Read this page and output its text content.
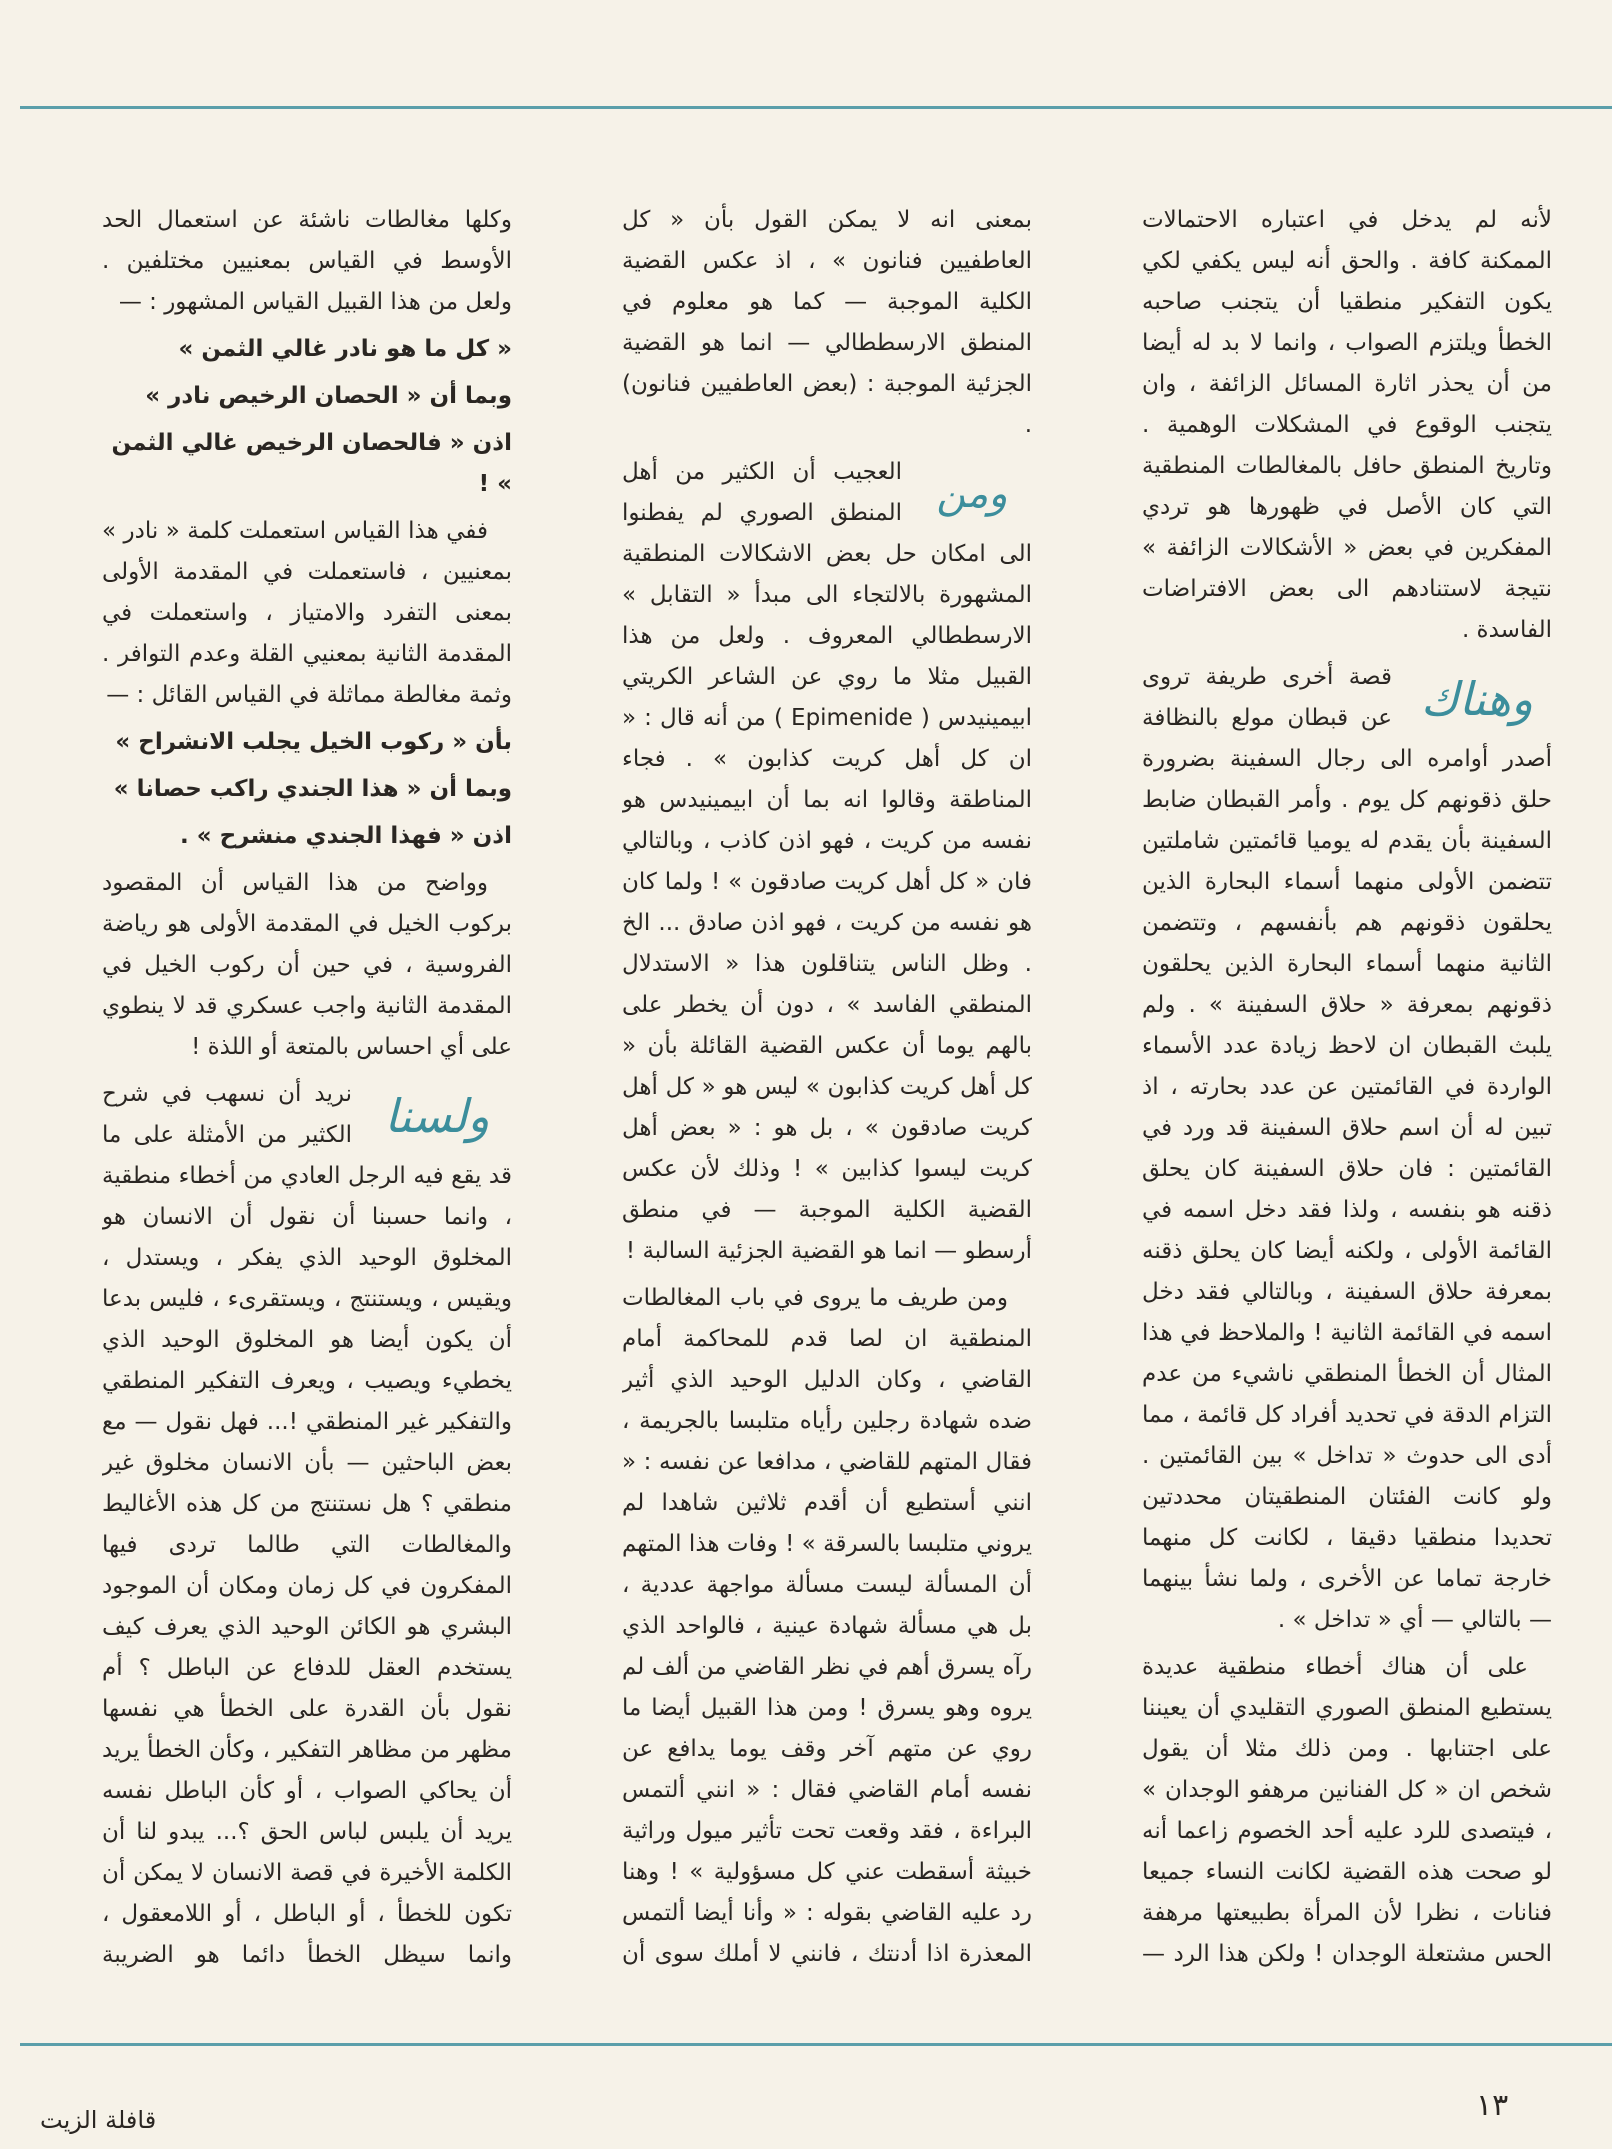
لأنه لم يدخل في اعتباره الاحتمالات الممكنة كافة . والحق أنه ليس يكفي لكي يكون التفكير منطقيا أن يتجنب صاحبه الخطأ ويلتزم الصواب ، وانما لا بد له أيضا من أن يحذر اثارة المسائل الزائفة ، وان يتجنب الوقوع في المشكلات الوهمية . وتاريخ المنطق حافل بالمغالطات المنطقية التي كان الأصل في ظهورها هو تردي المفكرين في بعض « الأشكالات الزائفة » نتيجة لاستنادهم الى بعض الافتراضات الفاسدة .

وهناك

قصة أخرى طريفة تروى عن قبطان مولع بالنظافة أصدر أوامره الى رجال السفينة بضرورة حلق ذقونهم كل يوم . وأمر القبطان ضابط السفينة بأن يقدم له يوميا قائمتين شاملتين تتضمن الأولى منهما أسماء البحارة الذين يحلقون ذقونهم هم بأنفسهم ، وتتضمن الثانية منهما أسماء البحارة الذين يحلقون ذقونهم بمعرفة « حلاق السفينة » . ولم يلبث القبطان ان لاحظ زيادة عدد الأسماء الواردة في القائمتين عن عدد بحارته ، اذ تبين له أن اسم حلاق السفينة قد ورد في القائمتين : فان حلاق السفينة كان يحلق ذقنه هو بنفسه ، ولذا فقد دخل اسمه في القائمة الأولى ، ولكنه أيضا كان يحلق ذقنه بمعرفة حلاق السفينة ، وبالتالي فقد دخل اسمه في القائمة الثانية ! والملاحظ في هذا المثال أن الخطأ المنطقي ناشيء من عدم التزام الدقة في تحديد أفراد كل قائمة ، مما أدى الى حدوث « تداخل » بين القائمتين . ولو كانت الفئتان المنطقيتان محددتين تحديدا منطقيا دقيقا ، لكانت كل منهما خارجة تماما عن الأخرى ، ولما نشأ بينهما — بالتالي — أي « تداخل » .

على أن هناك أخطاء منطقية عديدة يستطيع المنطق الصوري التقليدي أن يعيننا على اجتنابها . ومن ذلك مثلا أن يقول شخص ان « كل الفنانين مرهفو الوجدان » ، فيتصدى للرد عليه أحد الخصوم زاعما أنه لو صحت هذه القضية لكانت النساء جميعا فنانات ، نظرا لأن المرأة بطبيعتها مرهفة الحس مشتعلة الوجدان ! ولكن هذا الرد —

بمعنى انه لا يمكن القول بأن « كل العاطفيين فنانون » ، اذ عكس القضية الكلية الموجبة — كما هو معلوم في المنطق الارسططالي — انما هو القضية الجزئية الموجبة : (بعض العاطفيين فنانون) .

ومن

العجيب أن الكثير من أهل المنطق الصوري لم يفطنوا الى امكان حل بعض الاشكالات المنطقية المشهورة بالالتجاء الى مبدأ « التقابل » الارسططالي المعروف . ولعل من هذا القبيل مثلا ما روي عن الشاعر الكريتي ابيمينيدس ( Epimenide ) من أنه قال : « ان كل أهل كريت كذابون » . فجاء المناطقة وقالوا انه بما أن ابيمينيدس هو نفسه من كريت ، فهو اذن كاذب ، وبالتالي فان « كل أهل كريت صادقون » ! ولما كان هو نفسه من كريت ، فهو اذن صادق ... الخ . وظل الناس يتناقلون هذا « الاستدلال المنطقي الفاسد » ، دون أن يخطر على بالهم يوما أن عكس القضية القائلة بأن « كل أهل كريت كذابون » ليس هو « كل أهل كريت صادقون » ، بل هو : « بعض أهل كريت ليسوا كذابين » ! وذلك لأن عكس القضية الكلية الموجبة — في منطق أرسطو — انما هو القضية الجزئية السالبة !

ومن طريف ما يروى في باب المغالطات المنطقية ان لصا قدم للمحاكمة أمام القاضي ، وكان الدليل الوحيد الذي أثير ضده شهادة رجلين رأياه متلبسا بالجريمة ، فقال المتهم للقاضي ، مدافعا عن نفسه : « انني أستطيع أن أقدم ثلاثين شاهدا لم يروني متلبسا بالسرقة » ! وفات هذا المتهم أن المسألة ليست مسألة مواجهة عددية ، بل هي مسألة شهادة عينية ، فالواحد الذي رآه يسرق أهم في نظر القاضي من ألف لم يروه وهو يسرق ! ومن هذا القبيل أيضا ما روي عن متهم آخر وقف يوما يدافع عن نفسه أمام القاضي فقال : « انني ألتمس البراءة ، فقد وقعت تحت تأثير ميول وراثية خبيثة أسقطت عني كل مسؤولية » ! وهنا رد عليه القاضي بقوله : « وأنا أيضا ألتمس المعذرة اذا أدنتك ، فانني لا أملك سوى أن

وكلها مغالطات ناشئة عن استعمال الحد الأوسط في القياس بمعنيين مختلفين . ولعل من هذا القبيل القياس المشهور : —

« كل ما هو نادر غالي الثمن »

وبما أن « الحصان الرخيص نادر »

اذن « فالحصان الرخيص غالي الثمن » !

ففي هذا القياس استعملت كلمة « نادر » بمعنيين ، فاستعملت في المقدمة الأولى بمعنى التفرد والامتياز ، واستعملت في المقدمة الثانية بمعنيي القلة وعدم التوافر . وثمة مغالطة مماثلة في القياس القائل : —

بأن « ركوب الخيل يجلب الانشراح »

وبما أن « هذا الجندي راكب حصانا »

اذن « فهذا الجندي منشرح » .

وواضح من هذا القياس أن المقصود بركوب الخيل في المقدمة الأولى هو رياضة الفروسية ، في حين أن ركوب الخيل في المقدمة الثانية واجب عسكري قد لا ينطوي على أي احساس بالمتعة أو اللذة !

ولسنا

نريد أن نسهب في شرح الكثير من الأمثلة على ما قد يقع فيه الرجل العادي من أخطاء منطقية ، وانما حسبنا أن نقول أن الانسان هو المخلوق الوحيد الذي يفكر ، ويستدل ، ويقيس ، ويستنتج ، ويستقرىء ، فليس بدعا أن يكون أيضا هو المخلوق الوحيد الذي يخطيء ويصيب ، ويعرف التفكير المنطقي والتفكير غير المنطقي !... فهل نقول — مع بعض الباحثين — بأن الانسان مخلوق غير منطقي ؟ هل نستنتج من كل هذه الأغاليط والمغالطات التي طالما تردى فيها المفكرون في كل زمان ومكان أن الموجود البشري هو الكائن الوحيد الذي يعرف كيف يستخدم العقل للدفاع عن الباطل ؟ أم نقول بأن القدرة على الخطأ هي نفسها مظهر من مظاهر التفكير ، وكأن الخطأ يريد أن يحاكي الصواب ، أو كأن الباطل نفسه يريد أن يلبس لباس الحق ؟... يبدو لنا أن الكلمة الأخيرة في قصة الانسان لا يمكن أن تكون للخطأ ، أو الباطل ، أو اللامعقول ، وانما سيظل الخطأ دائما هو الضريبة

١٣
قافلة الزيت
